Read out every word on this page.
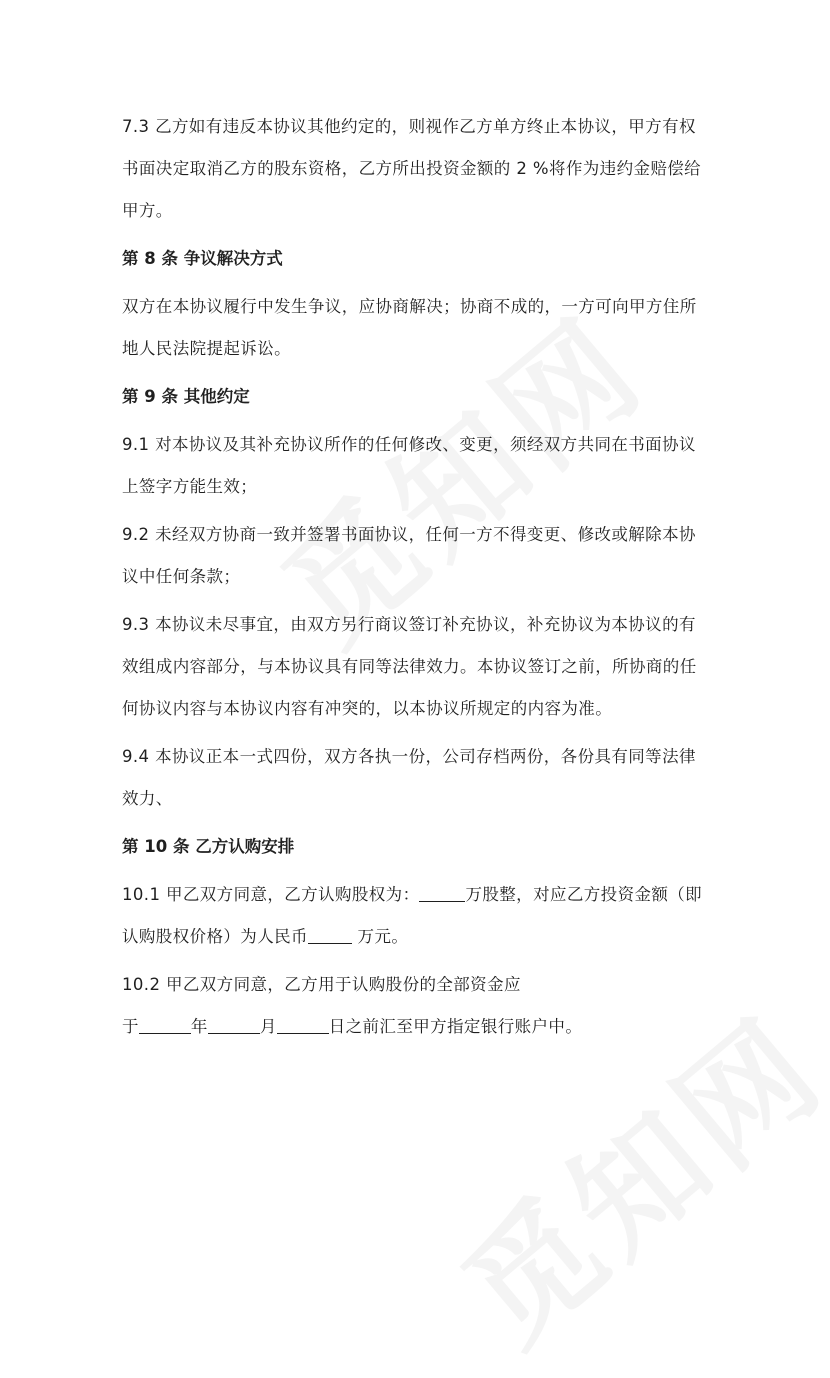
7.3 乙方如有违反本协议其他约定的，则视作乙方单方终止本协议，甲方有权书面决定取消乙方的股东资格，乙方所出投资金额的 2 %将作为违约金赔偿给甲方。

第 8 条 争议解决方式

双方在本协议履行中发生争议，应协商解决；协商不成的，一方可向甲方住所地人民法院提起诉讼。

第 9 条 其他约定

9.1 对本协议及其补充协议所作的任何修改、变更，须经双方共同在书面协议上签字方能生效；

9.2 未经双方协商一致并签署书面协议，任何一方不得变更、修改或解除本协议中任何条款；

9.3 本协议未尽事宜，由双方另行商议签订补充协议，补充协议为本协议的有效组成内容部分，与本协议具有同等法律效力。本协议签订之前，所协商的任何协议内容与本协议内容有冲突的，以本协议所规定的内容为准。

9.4 本协议正本一式四份，双方各执一份，公司存档两份，各份具有同等法律效力、

第 10 条 乙方认购安排

10.1 甲乙双方同意，乙方认购股权为：	万股整，对应乙方投资金额（即认购股权价格）为人民币	万元。

10.2 甲乙双方同意，乙方用于认购股份的全部资金应

于	年	月	日之前汇至甲方指定银行账户中。
